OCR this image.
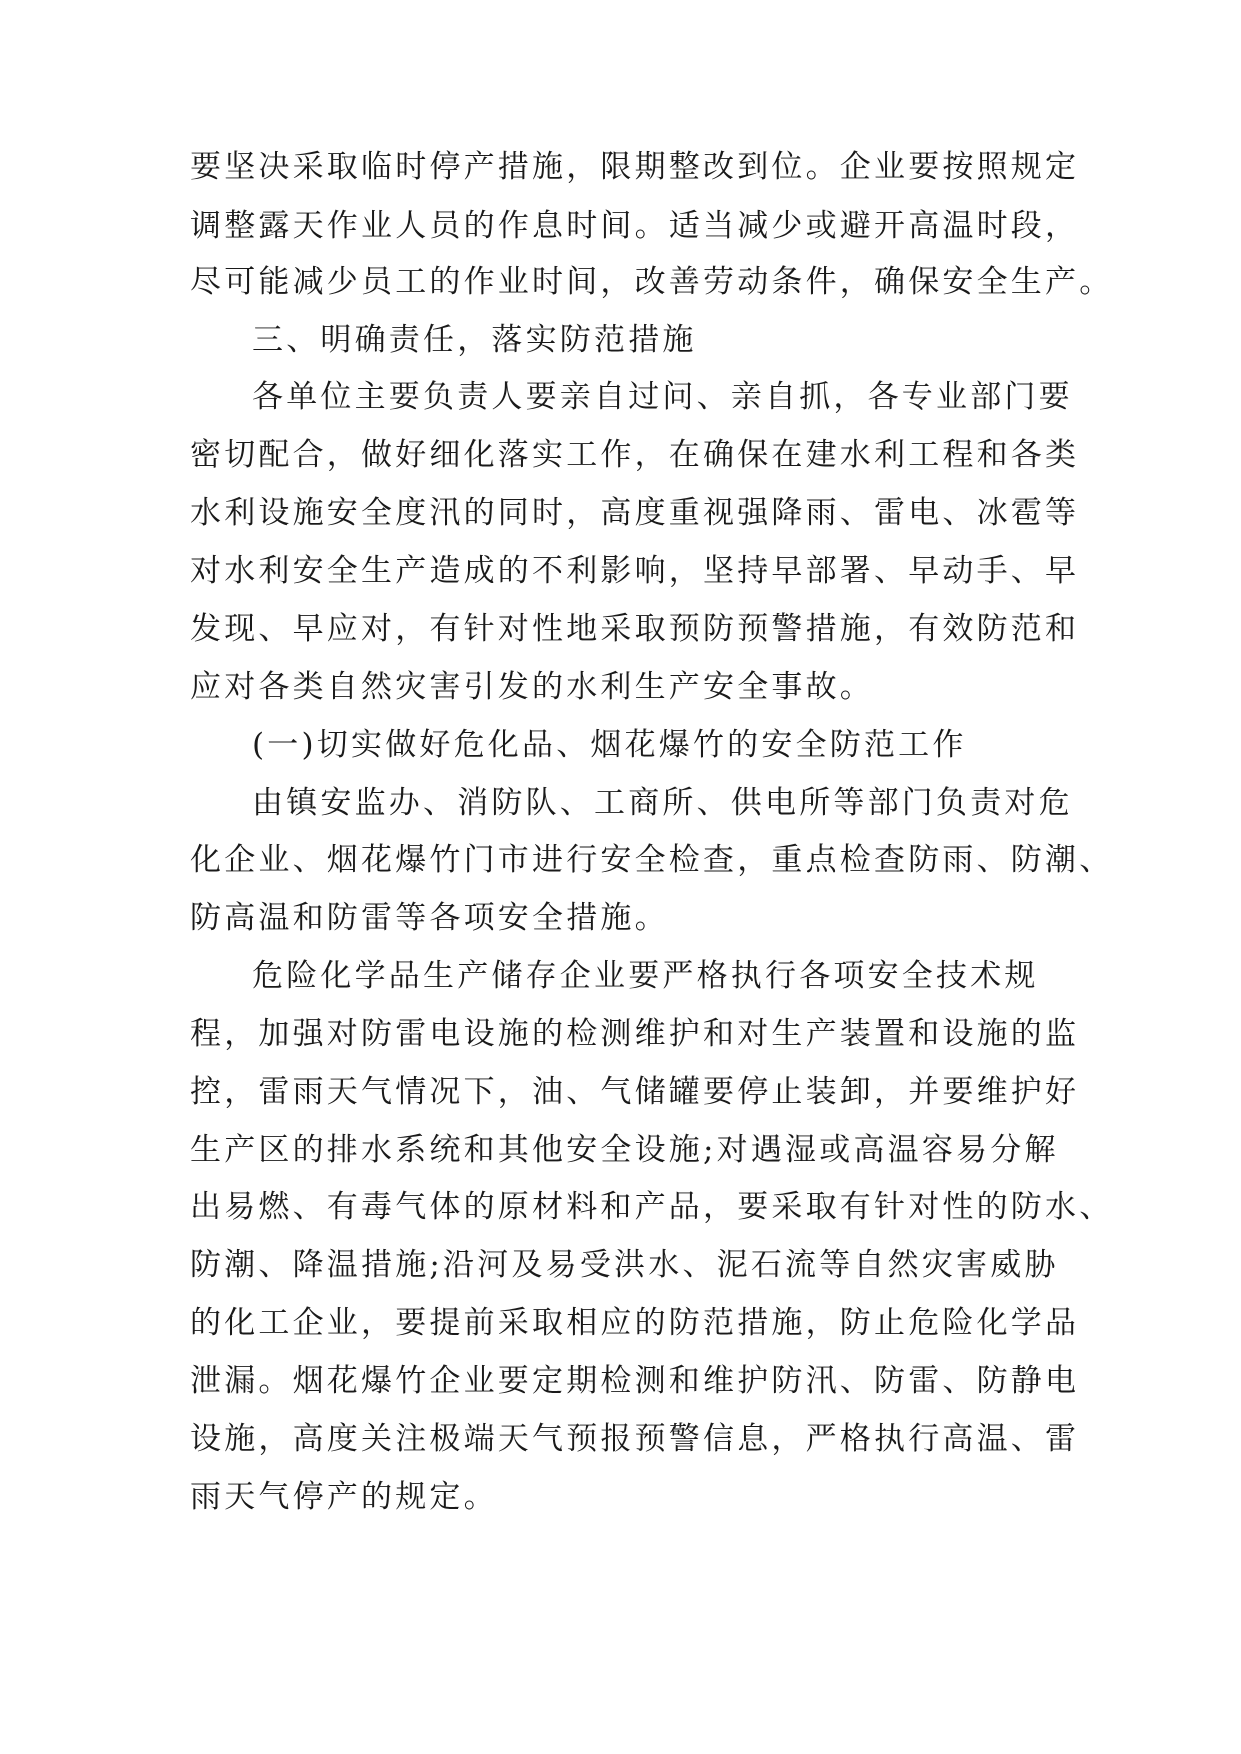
要坚决采取临时停产措施，限期整改到位。企业要按照规定
调整露天作业人员的作息时间。适当减少或避开高温时段，
尽可能减少员工的作业时间，改善劳动条件，确保安全生产。
三、明确责任，落实防范措施
各单位主要负责人要亲自过问、亲自抓，各专业部门要
密切配合，做好细化落实工作，在确保在建水利工程和各类
水利设施安全度汛的同时，高度重视强降雨、雷电、冰雹等
对水利安全生产造成的不利影响，坚持早部署、早动手、早
发现、早应对，有针对性地采取预防预警措施，有效防范和
应对各类自然灾害引发的水利生产安全事故。
(一)切实做好危化品、烟花爆竹的安全防范工作
由镇安监办、消防队、工商所、供电所等部门负责对危
化企业、烟花爆竹门市进行安全检查，重点检查防雨、防潮、
防高温和防雷等各项安全措施。
危险化学品生产储存企业要严格执行各项安全技术规
程，加强对防雷电设施的检测维护和对生产装置和设施的监
控，雷雨天气情况下，油、气储罐要停止装卸，并要维护好
生产区的排水系统和其他安全设施;对遇湿或高温容易分解
出易燃、有毒气体的原材料和产品，要采取有针对性的防水、
防潮、降温措施;沿河及易受洪水、泥石流等自然灾害威胁
的化工企业，要提前采取相应的防范措施，防止危险化学品
泄漏。烟花爆竹企业要定期检测和维护防汛、防雷、防静电
设施，高度关注极端天气预报预警信息，严格执行高温、雷
雨天气停产的规定。
